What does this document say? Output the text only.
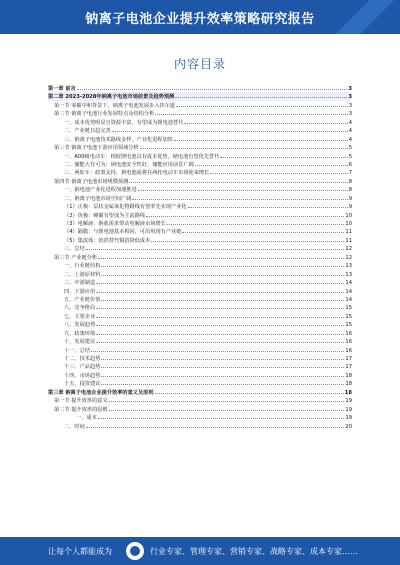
钠离子电池企业提升效率策略研究报告
内容目录
第一章 前言	3
第二章 2023-2028年钠离子电池市场前景及趋势预测	3
第一节 零碳中和背景下，钠离子电池发展步入快车道	3
第二节 钠离子电池行业发展特点及结构分析	3
一、成本优势明显且资源丰富，有望成为锂电池替代	4
二、产业链日趋完善	4
三、钠离子电池技术路线多样，产业化进程加快	4
第三节 钠离子电池下游应用领域分析	5
一、A00级电动车：相较锂电池具有成本优势，钠电池有望优先替代	5
二、储能大有可为：钠电池安全性好，储能应用前景广阔	6
三、两轮车：政策支持，钠电池或将在两轮电动车市场迎来增长	7
第四节 钠离子电池市场规模预测	8
一、钠电池产业化进程加速推进	8
二、钠离子电池市场空间广阔	9
（1）正极：层状金属氧化物路线有望率先实现产业化	9
（2）负极：硬碳有望成为主流路线	10
（3）电解液：钠盐需求带动电解液市场增长	10
（4）隔膜：与锂电池基本相同，可沿用现有产业链	11
（5）集流体：铝箔替代铜箔降低成本	11
三、总结	12
第三节 产业链分析	12
一、行业链结构	13
二、上游原材料	13
三、中游制造	14
四、下游应用	14
五、产业链价值	14
六、竞争格局	15
七、主要企业	15
八、发展趋势	15
九、政策环境	16
十、发展建议	16
十一、总结	16
十二、技术趋势	17
十三、产品趋势	17
十四、市场趋势	18
十五、投资建议	18
第三章 钠离子电池企业提升效率的意义及原则	18
第一节 提升效率的意义	19
第二节 提升效率的原则	19
一、成本	19
二、时间	20
让每个人都能成为	行业专家、管理专家、营销专家、战略专家、成本专家……
